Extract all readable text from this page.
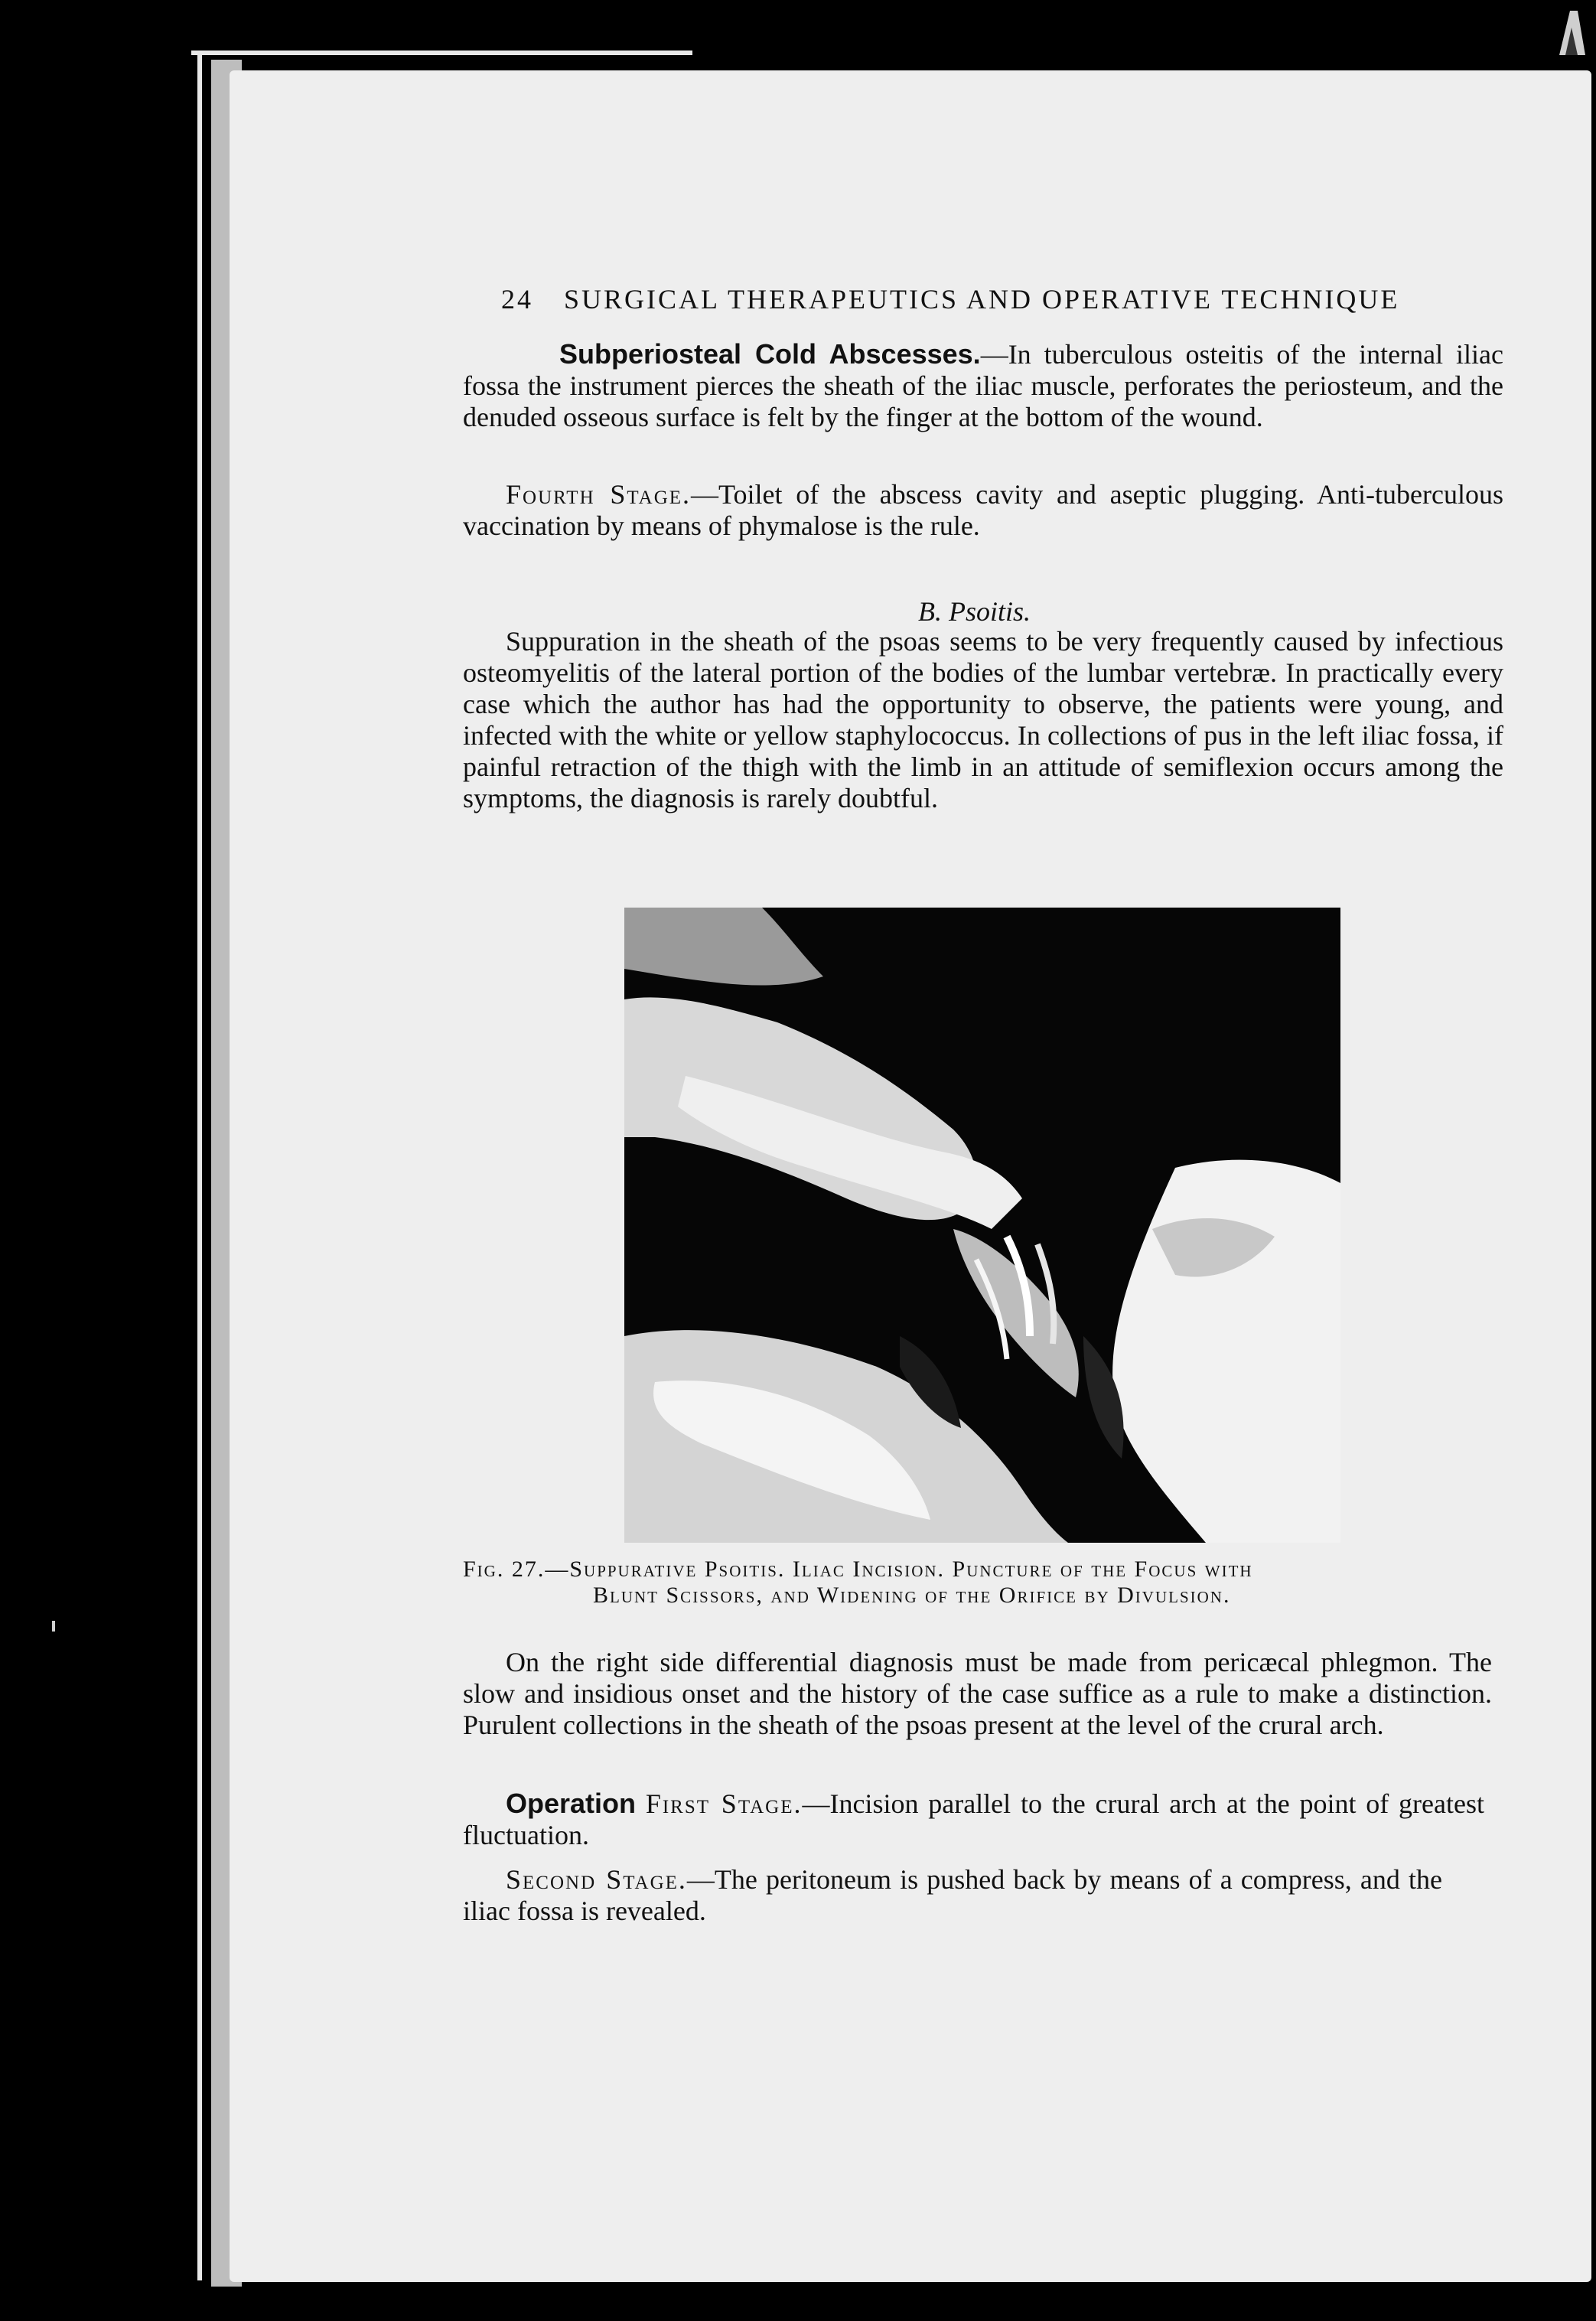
24 SURGICAL THERAPEUTICS AND OPERATIVE TECHNIQUE

Subperiosteal Cold Abscesses.—In tuberculous osteitis of the internal iliac fossa the instrument pierces the sheath of the iliac muscle, perforates the periosteum, and the denuded osseous surface is felt by the finger at the bottom of the wound.

Fourth Stage.—Toilet of the abscess cavity and aseptic plugging. Anti-tuberculous vaccination by means of phymalose is the rule.

B. Psoitis.

Suppuration in the sheath of the psoas seems to be very frequently caused by infectious osteomyelitis of the lateral portion of the bodies of the lumbar vertebræ. In practically every case which the author has had the opportunity to observe, the patients were young, and infected with the white or yellow staphylococcus. In collections of pus in the left iliac fossa, if painful retraction of the thigh with the limb in an attitude of semiflexion occurs among the symptoms, the diagnosis is rarely doubtful.

Fig. 27.—Suppurative Psoitis. Iliac Incision. Puncture of the Focus with
Blunt Scissors, and Widening of the Orifice by Divulsion.

On the right side differential diagnosis must be made from pericæcal phlegmon. The slow and insidious onset and the history of the case suffice as a rule to make a distinction. Purulent collections in the sheath of the psoas present at the level of the crural arch.

Operation First Stage.—Incision parallel to the crural arch at the point of greatest fluctuation.

Second Stage.—The peritoneum is pushed back by means of a compress, and the iliac fossa is revealed.
